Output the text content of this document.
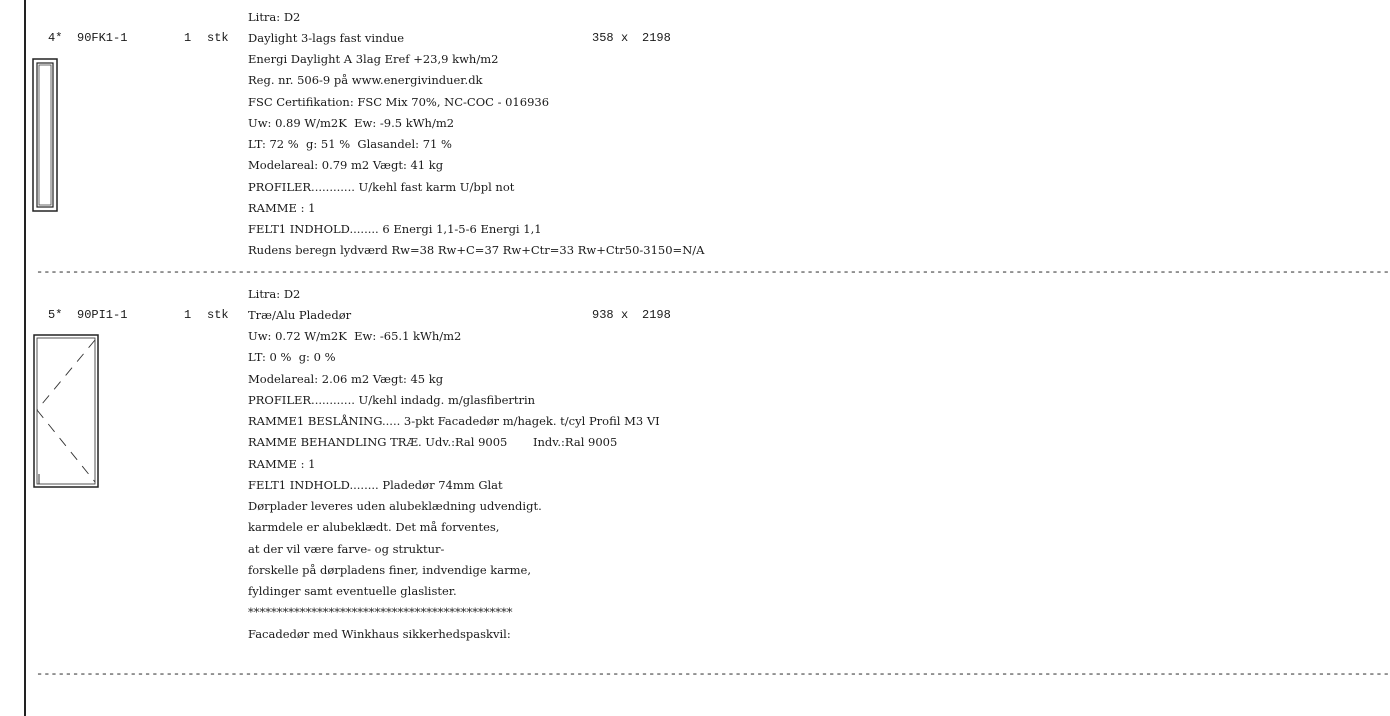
Litra: D2
4* 90FK1-1	1 stk Daylight 3-lags fast vindue	358 x 2198
Energi Daylight A 3lag Eref +23,9 kwh/m2
Reg. nr. 506-9 på www.energivinduer.dk
FSC Certifikation: FSC Mix 70%, NC-COC - 016936
Uw: 0.89 W/m2K  Ew: -9.5 kWh/m2
LT: 72 %  g: 51 %  Glasandel: 71 %
Modelareal: 0.79 m2 Vægt: 41 kg
PROFILER............ U/kehl fast karm U/bpl not
RAMME : 1
FELT1 INDHOLD........ 6 Energi 1,1-5-6 Energi 1,1
Rudens beregn lydværd Rw=38 Rw+C=37 Rw+Ctr=33 Rw+Ctr50-3150=N/A
--------------------------------------------------------------------------------------------------------------------------------------------------------------------------------------------
Litra: D2
5* 90PI1-1	1 stk Træ/Alu Pladedør	938 x 2198
Uw: 0.72 W/m2K  Ew: -65.1 kWh/m2
LT: 0 %  g: 0 %
Modelareal: 2.06 m2 Vægt: 45 kg
PROFILER............ U/kehl indadg. m/glasfibertrin
RAMME1 BESLÅNING..... 3-pkt Facadedør m/hagek. t/cyl Profil M3 VI
RAMME BEHANDLING TRÆ. Udv.:Ral 9005       Indv.:Ral 9005
RAMME : 1
FELT1 INDHOLD........ Pladedør 74mm Glat
Dørplader leveres uden alubeklædning udvendigt.
karmdele er alubeklædt. Det må forventes,
at der vil være farve- og struktur-
forskelle på dørpladens finer, indvendige karme,
fyldinger samt eventuelle glaslister.
**********************************************
Facadedør med Winkhaus sikkerhedspaskvil:
--------------------------------------------------------------------------------------------------------------------------------------------------------------------------------------------
